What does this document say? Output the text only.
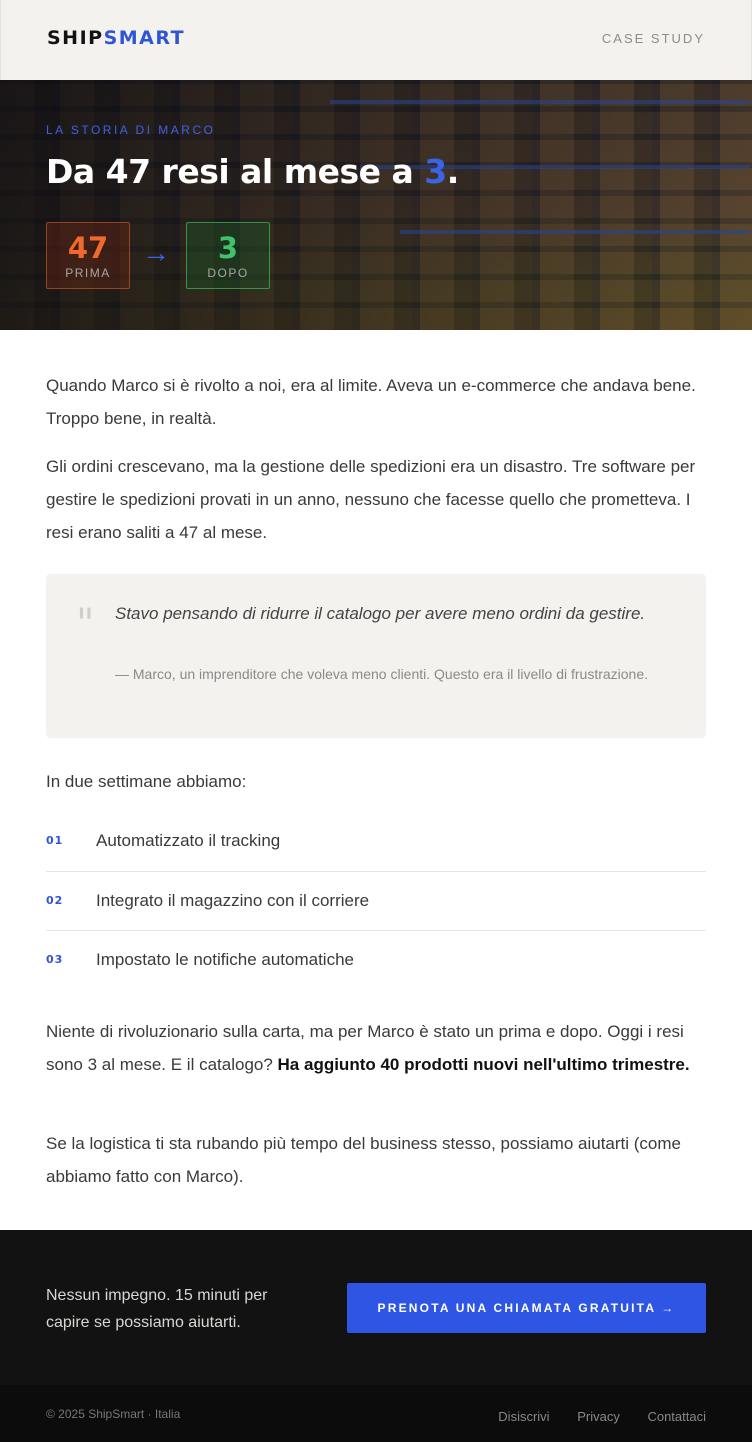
SHIPSMART	CASE STUDY
LA STORIA DI MARCO
Da 47 resi al mese a 3.
47
PRIMA
→	3
DOPO

Quando Marco si è rivolto a noi, era al limite. Aveva un e-commerce che andava bene. Troppo bene, in realtà.

Gli ordini crescevano, ma la gestione delle spedizioni era un disastro. Tre software per gestire le spedizioni provati in un anno, nessuno che facesse quello che prometteva. I resi erano saliti a 47 al mese.

" Stavo pensando di ridurre il catalogo per avere meno ordini da gestire.
— Marco, un imprenditore che voleva meno clienti. Questo era il livello di frustrazione.

In due settimane abbiamo:

01 Automatizzato il tracking
02 Integrato il magazzino con il corriere
03 Impostato le notifiche automatiche

Niente di rivoluzionario sulla carta, ma per Marco è stato un prima e dopo. Oggi i resi sono 3 al mese. E il catalogo? Ha aggiunto 40 prodotti nuovi nell'ultimo trimestre.

Se la logistica ti sta rubando più tempo del business stesso, possiamo aiutarti (come abbiamo fatto con Marco).

Nessun impegno. 15 minuti per capire se possiamo aiutarti.
PRENOTA UNA CHIAMATA GRATUITA →
© 2025 ShipSmart · Italia	Disiscrivi Privacy Contattaci
